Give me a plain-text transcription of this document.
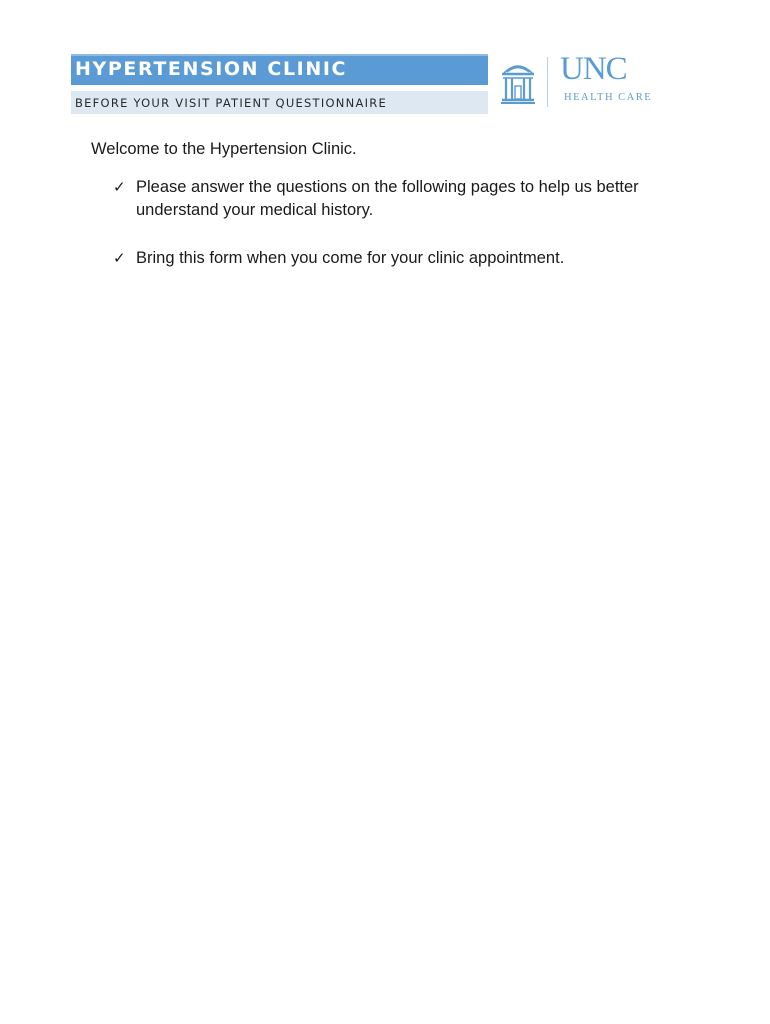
HYPERTENSION CLINIC
BEFORE YOUR VISIT PATIENT QUESTIONNAIRE
UNC
HEALTH CARE
Welcome to the Hypertension Clinic.
✓ Please answer the questions on the following pages to help us better understand your medical history.
✓ Bring this form when you come for your clinic appointment.
